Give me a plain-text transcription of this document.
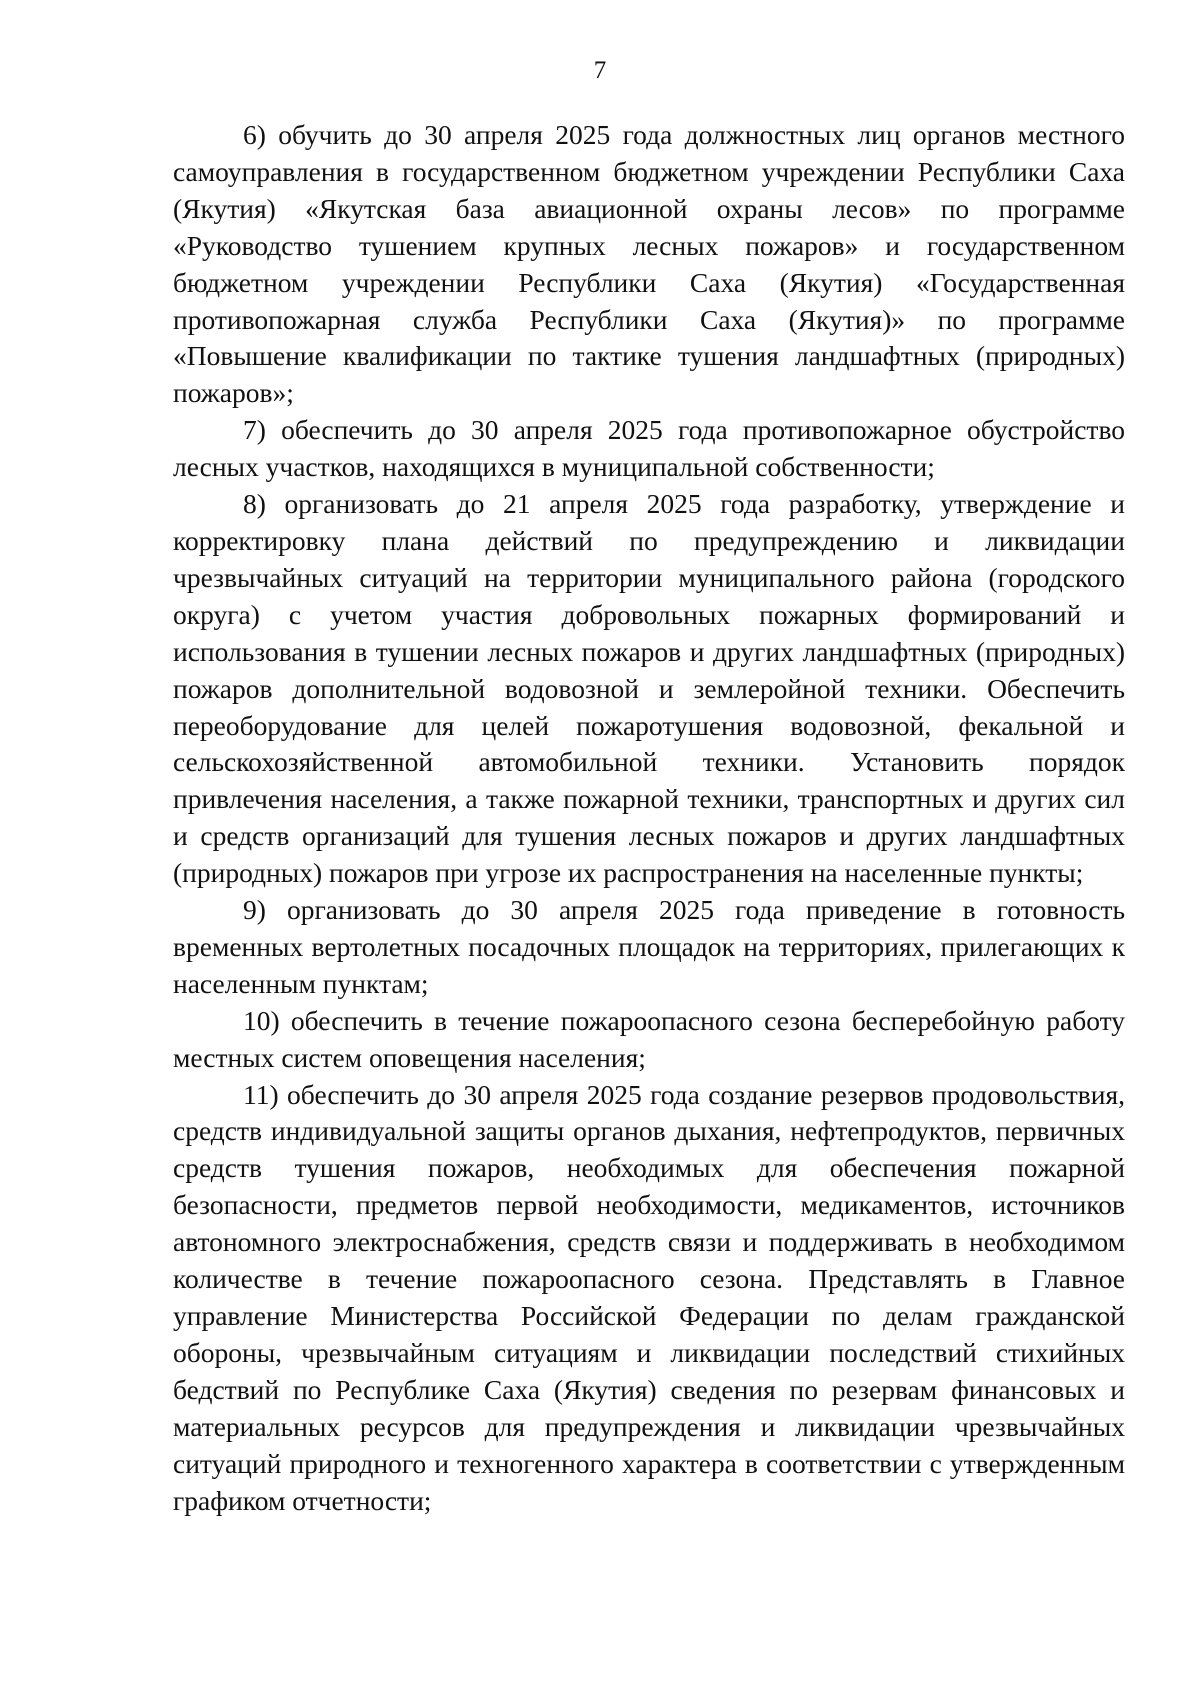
7

6) обучить до 30 апреля 2025 года должностных лиц органов местного самоуправления в государственном бюджетном учреждении Республики Саха (Якутия) «Якутская база авиационной охраны лесов» по программе «Руководство тушением крупных лесных пожаров» и государственном бюджетном учреждении Республики Саха (Якутия) «Государственная противопожарная служба Республики Саха (Якутия)» по программе «Повышение квалификации по тактике тушения ландшафтных (природных) пожаров»;

7) обеспечить до 30 апреля 2025 года противопожарное обустройство лесных участков, находящихся в муниципальной собственности;

8) организовать до 21 апреля 2025 года разработку, утверждение и корректировку плана действий по предупреждению и ликвидации чрезвычайных ситуаций на территории муниципального района (городского округа) с учетом участия добровольных пожарных формирований и использования в тушении лесных пожаров и других ландшафтных (природных) пожаров дополнительной водовозной и землеройной техники. Обеспечить переоборудование для целей пожаротушения водовозной, фекальной и сельскохозяйственной автомобильной техники. Установить порядок привлечения населения, а также пожарной техники, транспортных и других сил и средств организаций для тушения лесных пожаров и других ландшафтных (природных) пожаров при угрозе их распространения на населенные пункты;

9) организовать до 30 апреля 2025 года приведение в готовность временных вертолетных посадочных площадок на территориях, прилегающих к населенным пунктам;

10) обеспечить в течение пожароопасного сезона бесперебойную работу местных систем оповещения населения;

11) обеспечить до 30 апреля 2025 года создание резервов продовольствия, средств индивидуальной защиты органов дыхания, нефтепродуктов, первичных средств тушения пожаров, необходимых для обеспечения пожарной безопасности, предметов первой необходимости, медикаментов, источников автономного электроснабжения, средств связи и поддерживать в необходимом количестве в течение пожароопасного сезона. Представлять в Главное управление Министерства Российской Федерации по делам гражданской обороны, чрезвычайным ситуациям и ликвидации последствий стихийных бедствий по Республике Саха (Якутия) сведения по резервам финансовых и материальных ресурсов для предупреждения и ликвидации чрезвычайных ситуаций природного и техногенного характера в соответствии с утвержденным графиком отчетности;
